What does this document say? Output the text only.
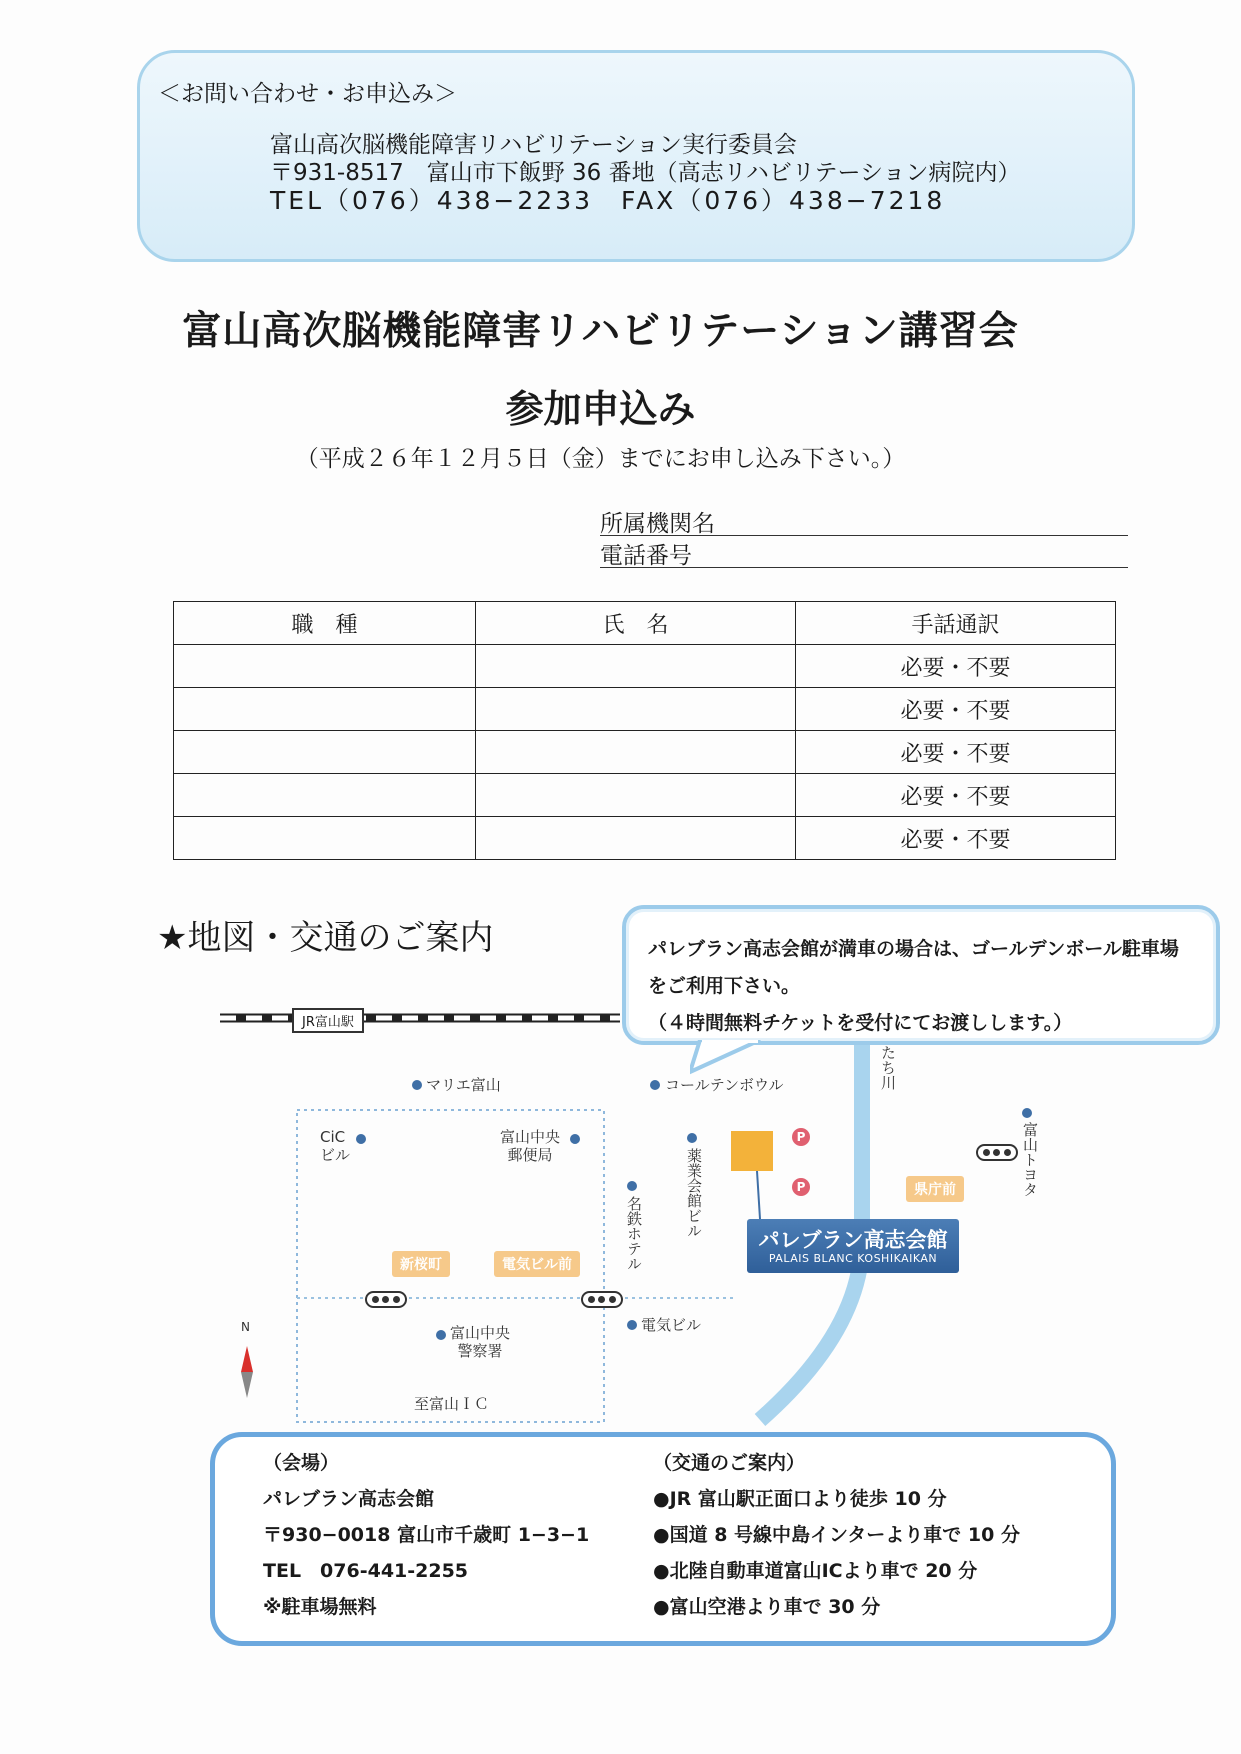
＜お問い合わせ・お申込み＞
富山高次脳機能障害リハビリテーション実行委員会
〒931-8517　富山市下飯野 36 番地（高志リハビリテーション病院内）
TEL（076）438−2233　FAX（076）438−7218
富山高次脳機能障害リハビリテーション講習会
参加申込み
（平成２６年１２月５日（金）までにお申し込み下さい。）
所属機関名
電話番号
職　種	氏　名	手話通訳
		必要・不要
		必要・不要
		必要・不要
		必要・不要
		必要・不要
★地図・交通のご案内	パレブラン高志会館が満車の場合は、ゴールデンボール駐車場
をご利用下さい。
（４時間無料チケットを受付にてお渡しします。）
JR富山駅
マリエ富山	コールテンボウル	たち川
富山トヨタ
CiC
ビル
富山中央
郵便局	薬業会館ビル
名鉄ホテル
電気ビル
富山中央
警察署
至富山ＩＣ
N
新桜町	電気ビル前
県庁前
P
P
パレブラン高志会館
PALAIS BLANC KOSHIKAIKAN
（会場）
パレブラン高志会館
〒930−0018 富山市千歳町 1−3−1
TEL　076-441-2255
※駐車場無料
（交通のご案内）
●JR 富山駅正面口より徒歩 10 分
●国道 8 号線中島インターより車で 10 分
●北陸自動車道富山ICより車で 20 分
●富山空港より車で 30 分
